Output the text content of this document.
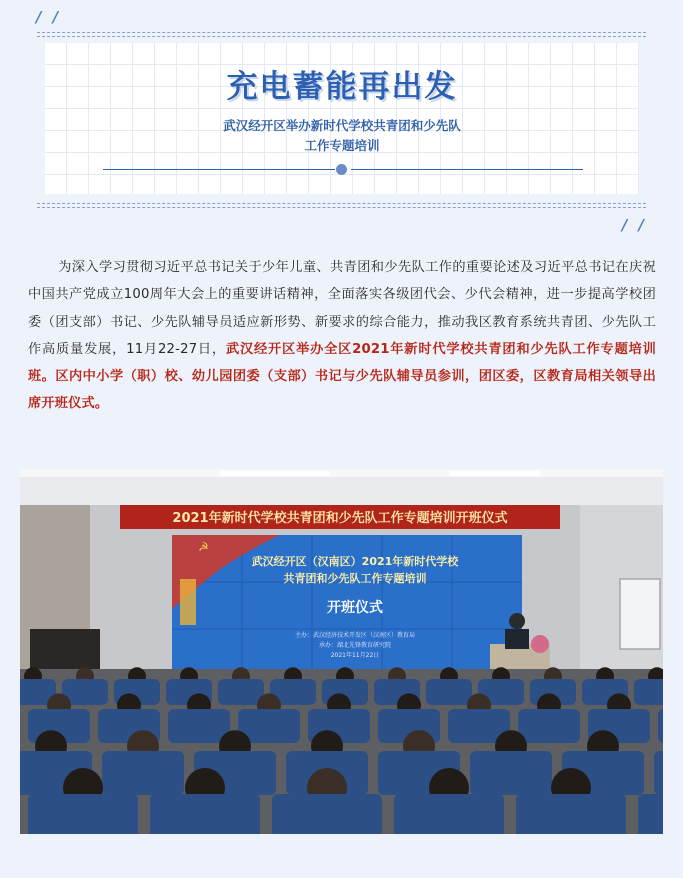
/ /
充电蓄能再出发
武汉经开区举办新时代学校共青团和少先队
工作专题培训
/ /
为深入学习贯彻习近平总书记关于少年儿童、共青团和少先队工作的重要论述及习近平总书记在庆祝中国共产党成立100周年大会上的重要讲话精神，全面落实各级团代会、少代会精神，进一步提高学校团委（团支部）书记、少先队辅导员适应新形势、新要求的综合能力，推动我区教育系统共青团、少先队工作高质量发展，11月22-27日，武汉经开区举办全区2021年新时代学校共青团和少先队工作专题培训班。区内中小学（职）校、幼儿园团委（支部）书记与少先队辅导员参训，团区委，区教育局相关领导出席开班仪式。
2021年新时代学校共青团和少先队工作专题培训开班仪式
☭
武汉经开区（汉南区）2021年新时代学校
共青团和少先队工作专题培训
开班仪式
主办：武汉经济技术开发区（汉南区）教育局
承办：湖北先锋教育研究院
2021年11月22日
